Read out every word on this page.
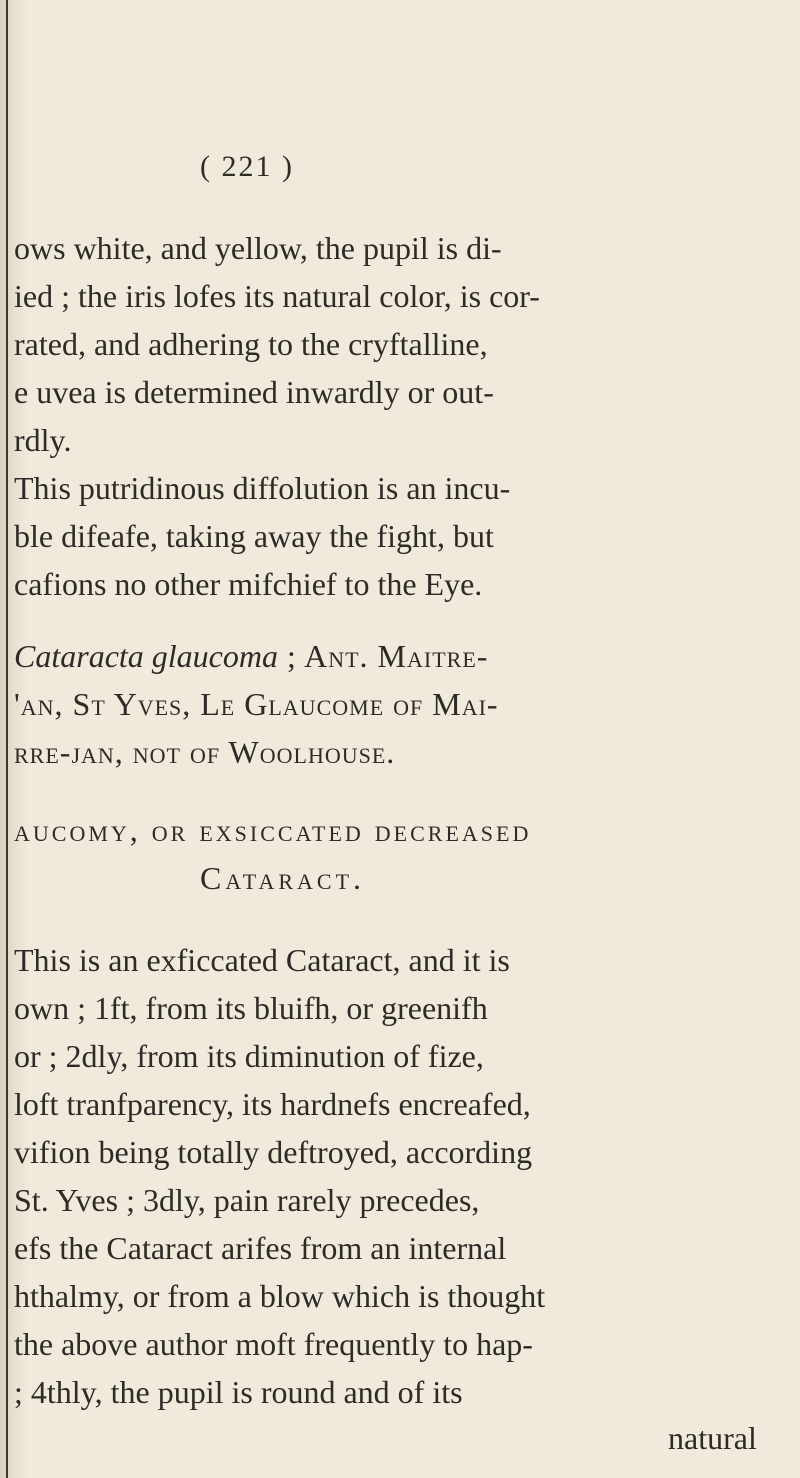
( 221 )
ows white, and yellow, the pupil is di-
ied ; the iris lofes its natural color, is cor-
rated, and adhering to the cryftalline,
e uvea is determined inwardly or out-
rdly.
This putridinous diffolution is an incu-
ble difeafe, taking away the fight, but
cafions no other mifchief to the Eye.
Cataracta glaucoma ; Ant. Maitre-
'an, St Yves, Le Glaucome of Mai-
rre-jan, not of Woolhouse.
aucomy, or exsiccated decreased
Cataract.
This is an exficcated Cataract, and it is
own ; 1ft, from its bluifh, or greenifh
or ; 2dly, from its diminution of fize,
loft tranfparency, its hardnefs encreafed,
vifion being totally deftroyed, according
St. Yves ; 3dly, pain rarely precedes,
efs the Cataract arifes from an internal
hthalmy, or from a blow which is thought
the above author moft frequently to hap-
; 4thly, the pupil is round and of its
natural
